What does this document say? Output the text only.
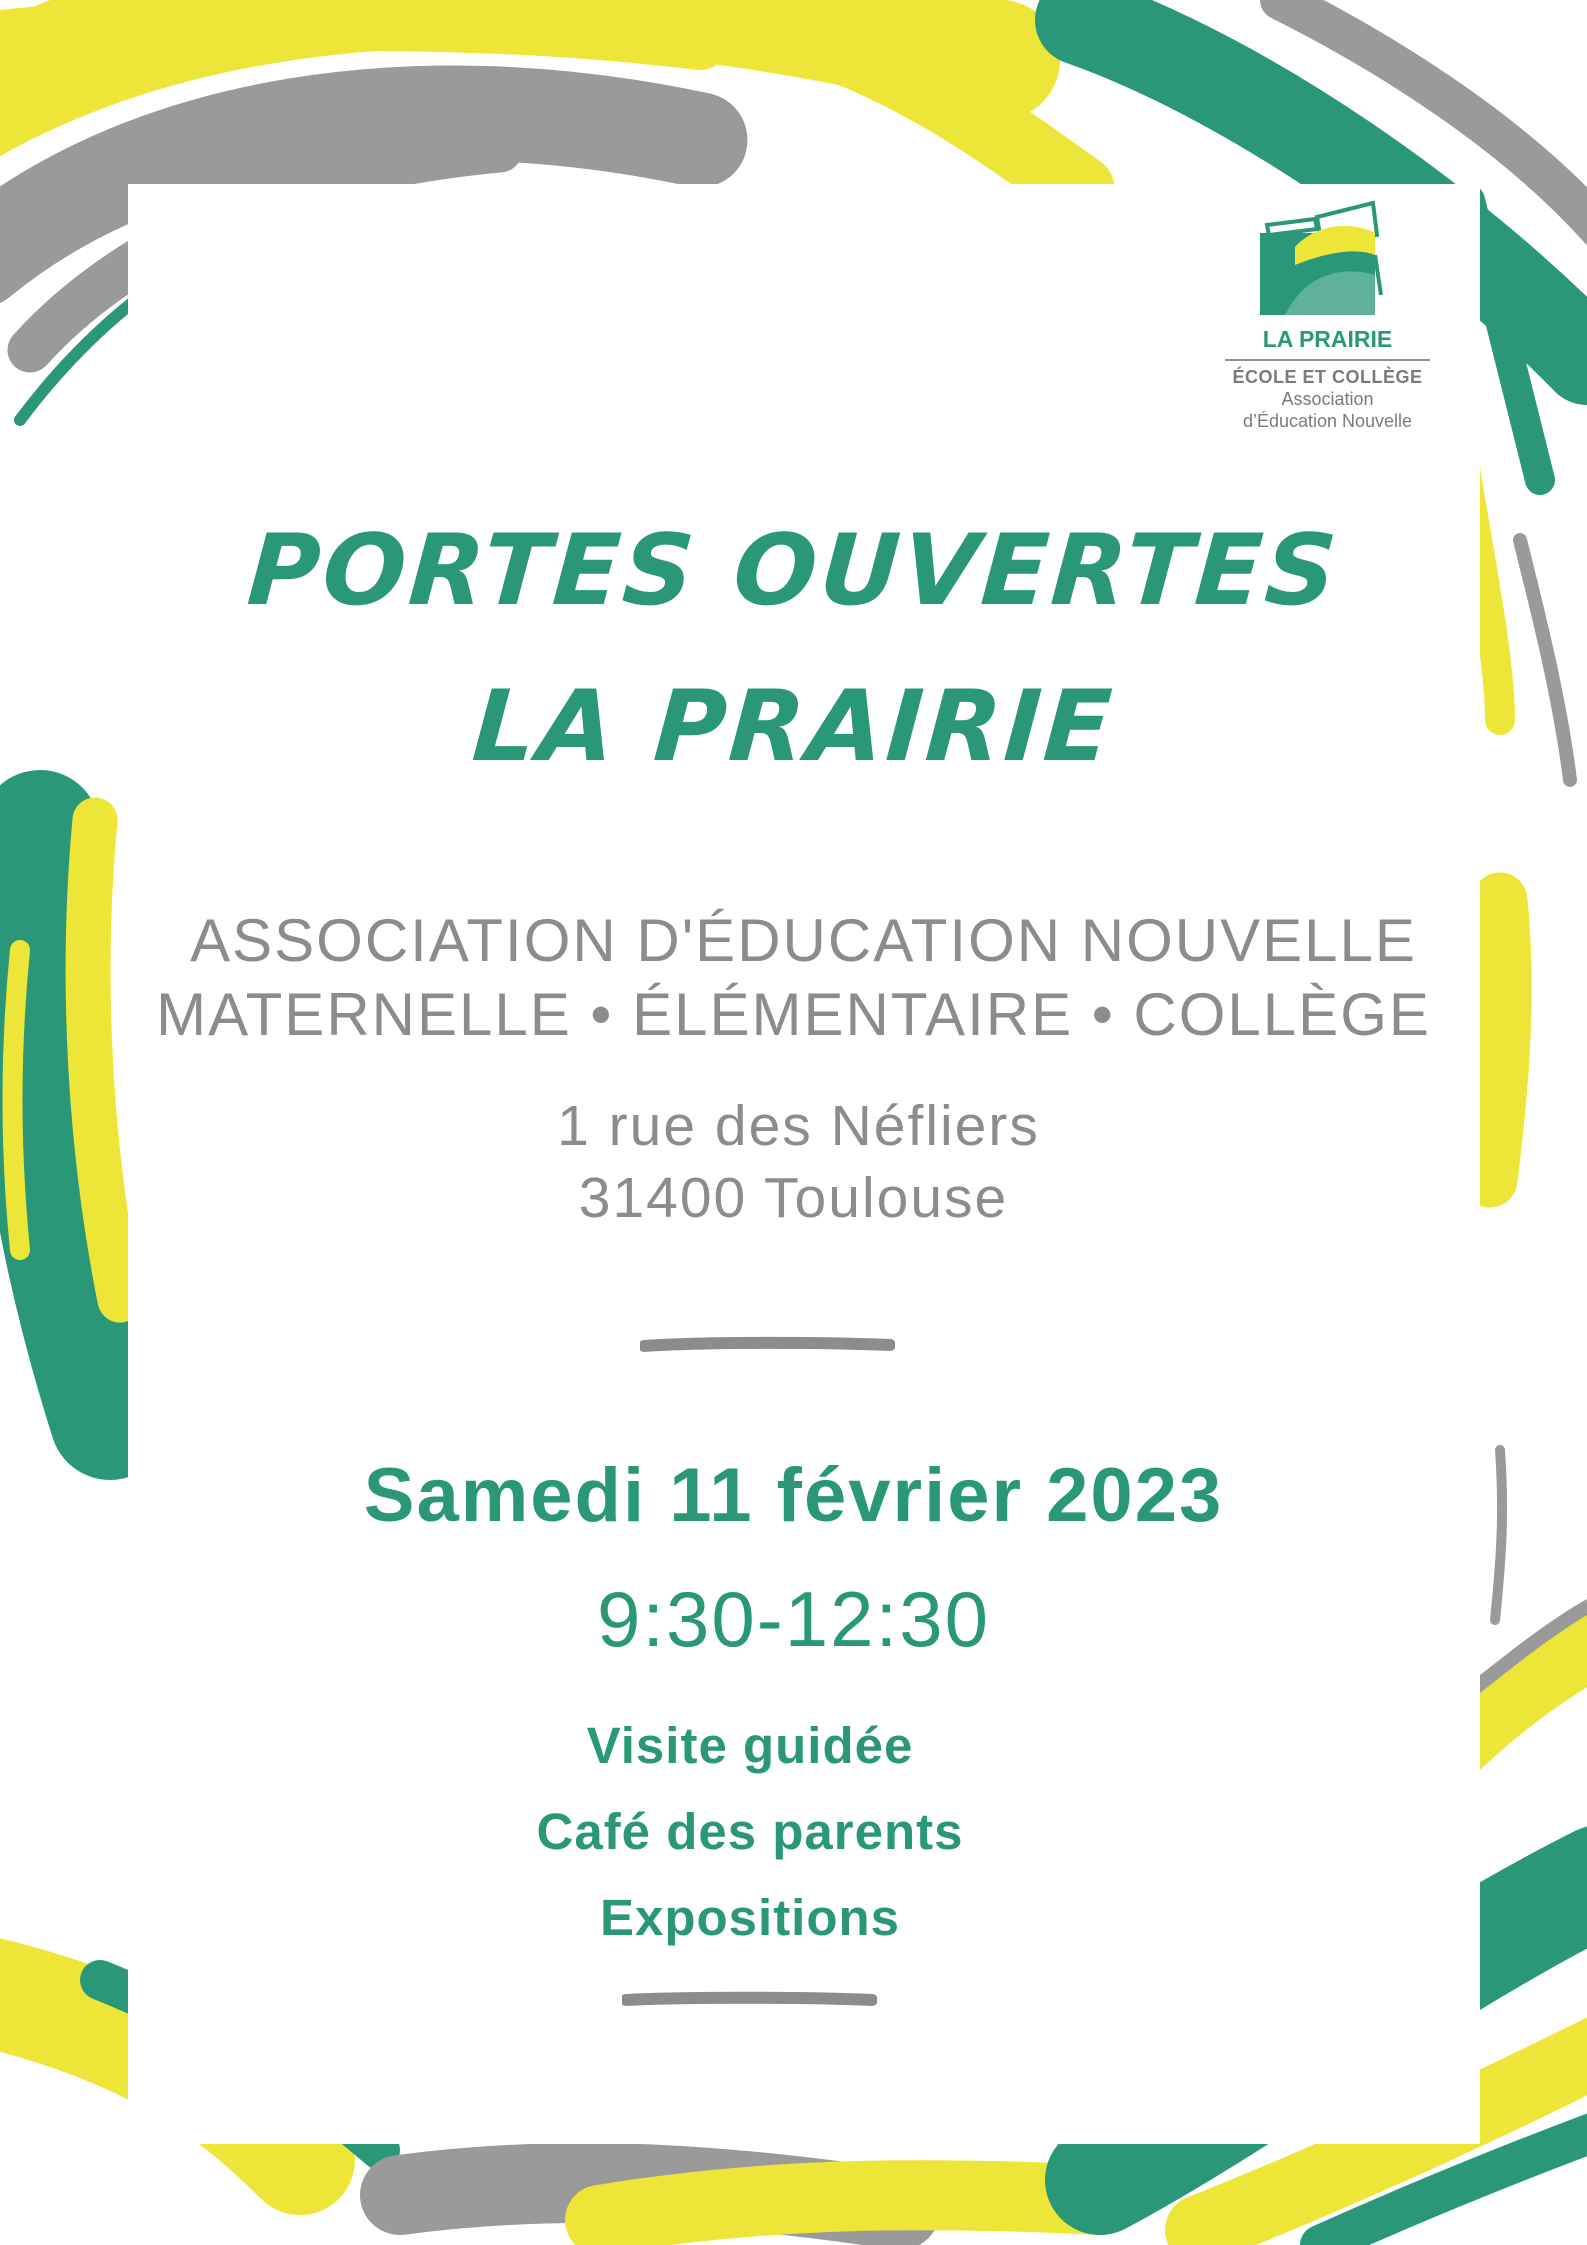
LA PRAIRIE
ÉCOLE ET COLLÈGE
Association
d’Éducation Nouvelle
PORTES OUVERTES
LA PRAIRIE
ASSOCIATION D'ÉDUCATION NOUVELLE
MATERNELLE • ÉLÉMENTAIRE • COLLÈGE
1 rue des Néfliers
31400 Toulouse
Samedi 11 février 2023
9:30-12:30
Visite guidée
Café des parents
Expositions
